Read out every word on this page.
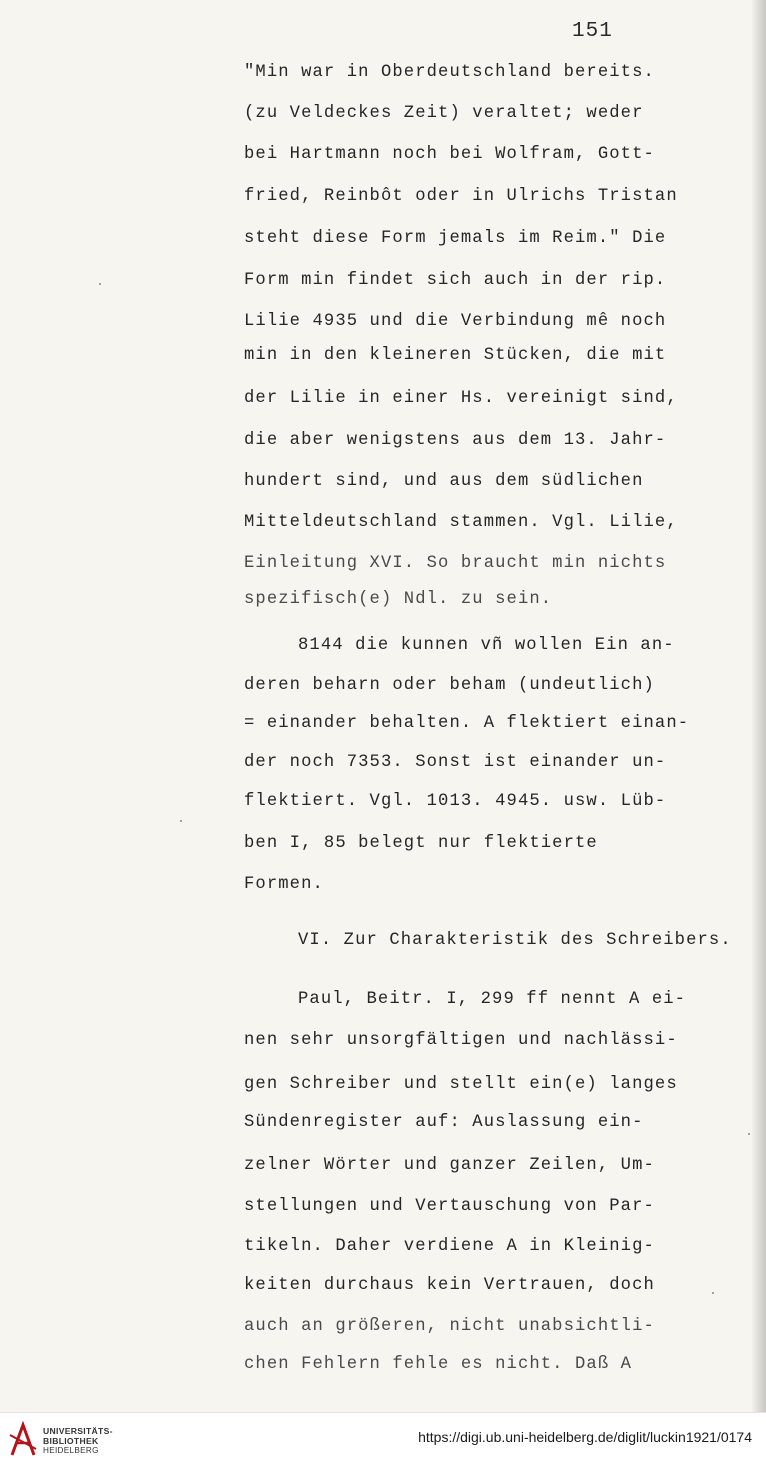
151
"Min war in Oberdeutschland bereits.
(zu Veldeckes Zeit) veraltet; weder
bei Hartmann noch bei Wolfram, Gott-
fried, Reinbôt oder in Ulrichs Tristan
steht diese Form jemals im Reim." Die
Form min findet sich auch in der rip.
Lilie 4935 und die Verbindung mê noch
min in den kleineren Stücken, die mit
der Lilie in einer Hs. vereinigt sind,
die aber wenigstens aus dem 13. Jahr-
hundert sind, und aus dem südlichen
Mitteldeutschland stammen. Vgl. Lilie,
Einleitung XVI. So braucht min nichts
spezifisch(e) Ndl. zu sein.
8144 die kunnen vñ wollen Ein an-
deren beharn oder beham (undeutlich)
= einander behalten. A flektiert einan-
der noch 7353. Sonst ist einander un-
flektiert. Vgl. 1013. 4945. usw. Lüb-
ben I, 85 belegt nur flektierte
Formen.
VI. Zur Charakteristik des Schreibers.
Paul, Beitr. I, 299 ff nennt A ei-
nen sehr unsorgfältigen und nachlässi-
gen Schreiber und stellt ein(e) langes
Sündenregister auf: Auslassung ein-
zelner Wörter und ganzer Zeilen, Um-
stellungen und Vertauschung von Par-
tikeln. Daher verdiene A in Kleinig-
keiten durchaus kein Vertrauen, doch
auch an größeren, nicht unabsichtli-
chen Fehlern fehle es nicht. Daß A
UNIVERSITÄTS-
BIBLIOTHEK
HEIDELBERG
https://digi.ub.uni-heidelberg.de/diglit/luckin1921/0174
